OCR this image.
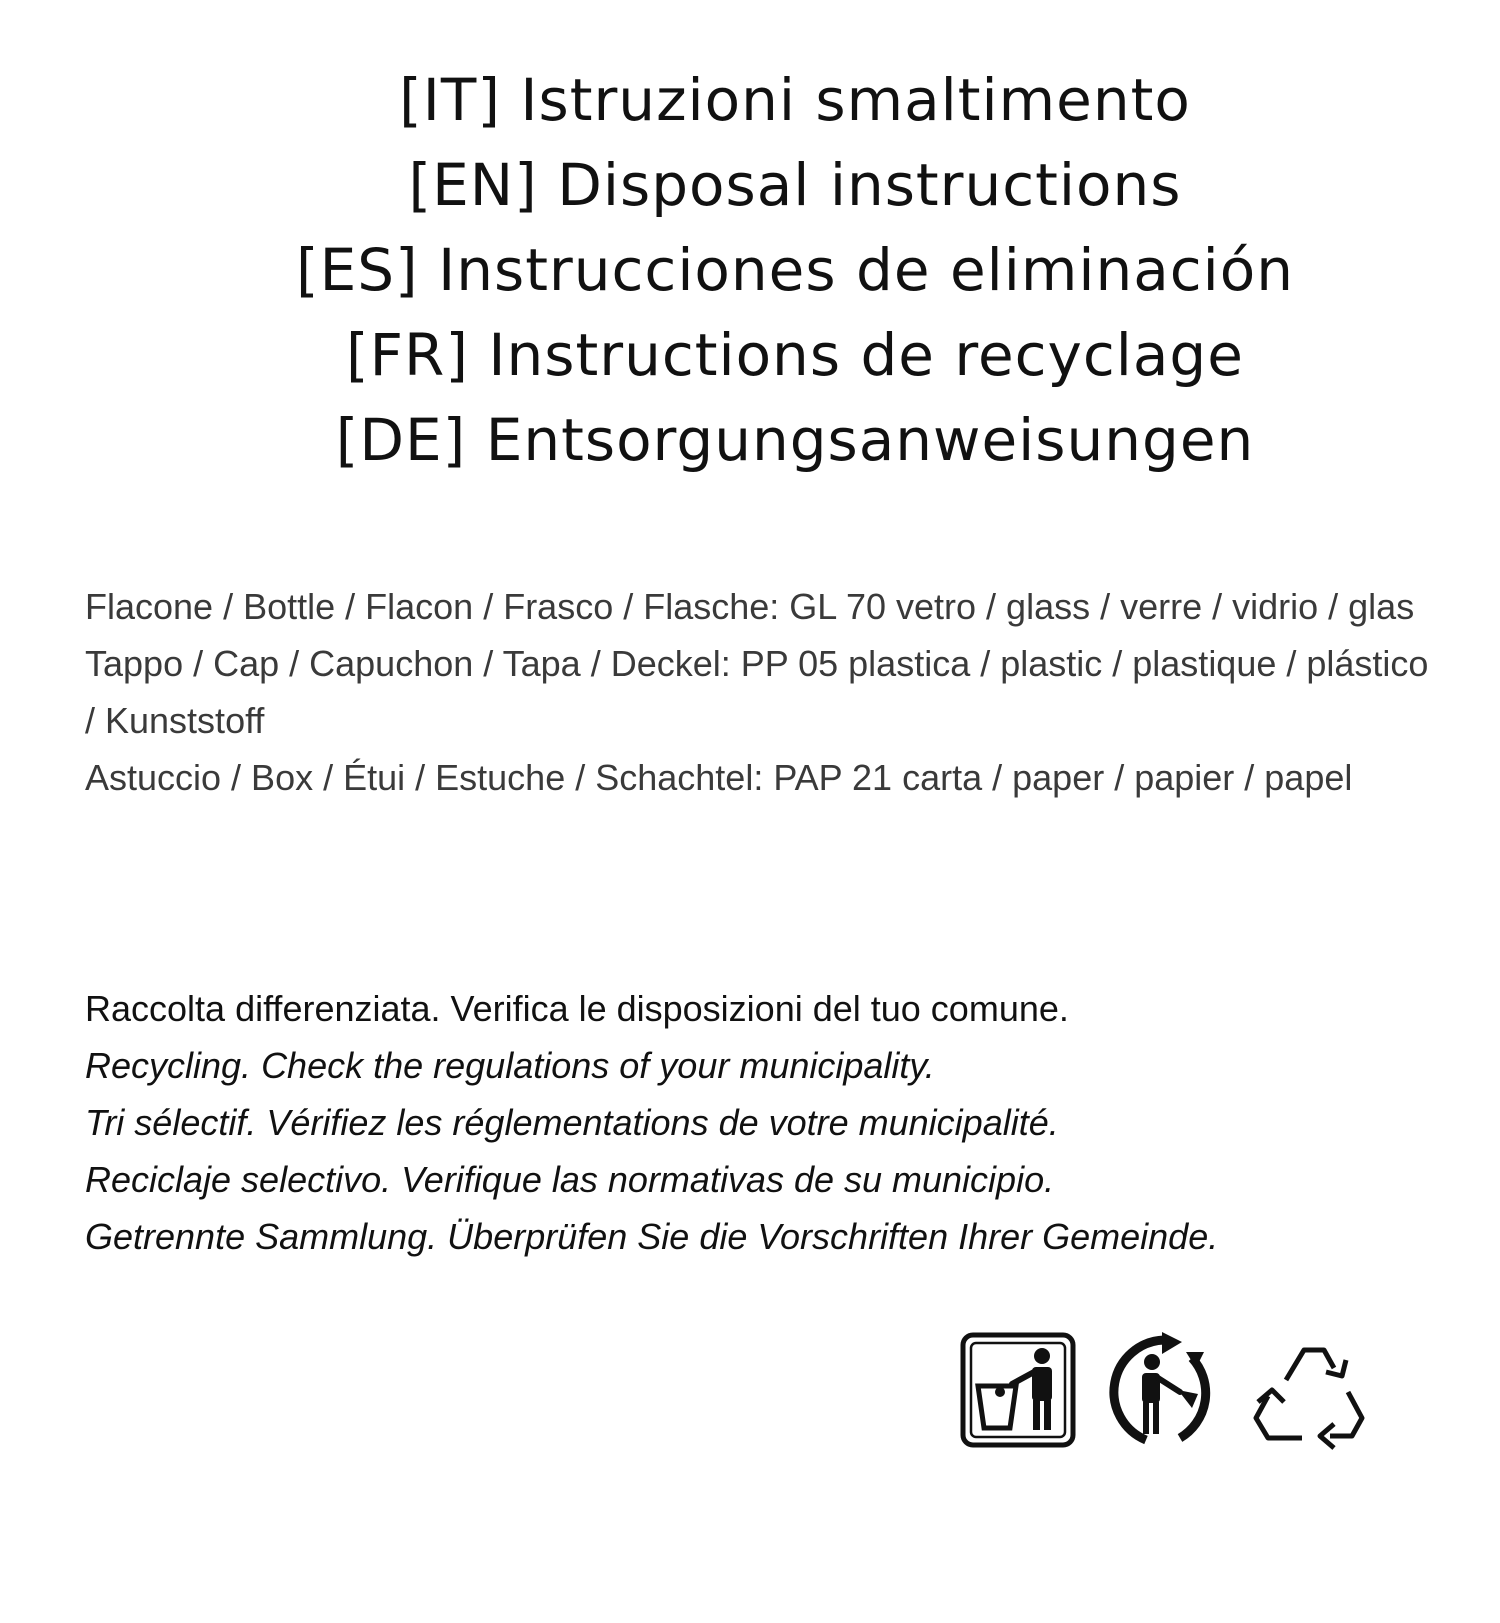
[IT] Istruzioni smaltimento
[EN] Disposal instructions
[ES] Instrucciones de eliminación
[FR] Instructions de recyclage
[DE] Entsorgungsanweisungen

Flacone / Bottle / Flacon / Frasco / Flasche: GL 70 vetro / glass / verre / vidrio / glas

Tappo / Cap / Capuchon / Tapa / Deckel: PP 05 plastica / plastic / plastique / plástico / Kunststoff

Astuccio / Box / Étui / Estuche / Schachtel: PAP 21 carta / paper / papier / papel

Raccolta differenziata. Verifica le disposizioni del tuo comune.

Recycling. Check the regulations of your municipality.

Tri sélectif. Vérifiez les réglementations de votre municipalité.

Reciclaje selectivo. Verifique las normativas de su municipio.

Getrennte Sammlung. Überprüfen Sie die Vorschriften Ihrer Gemeinde.
